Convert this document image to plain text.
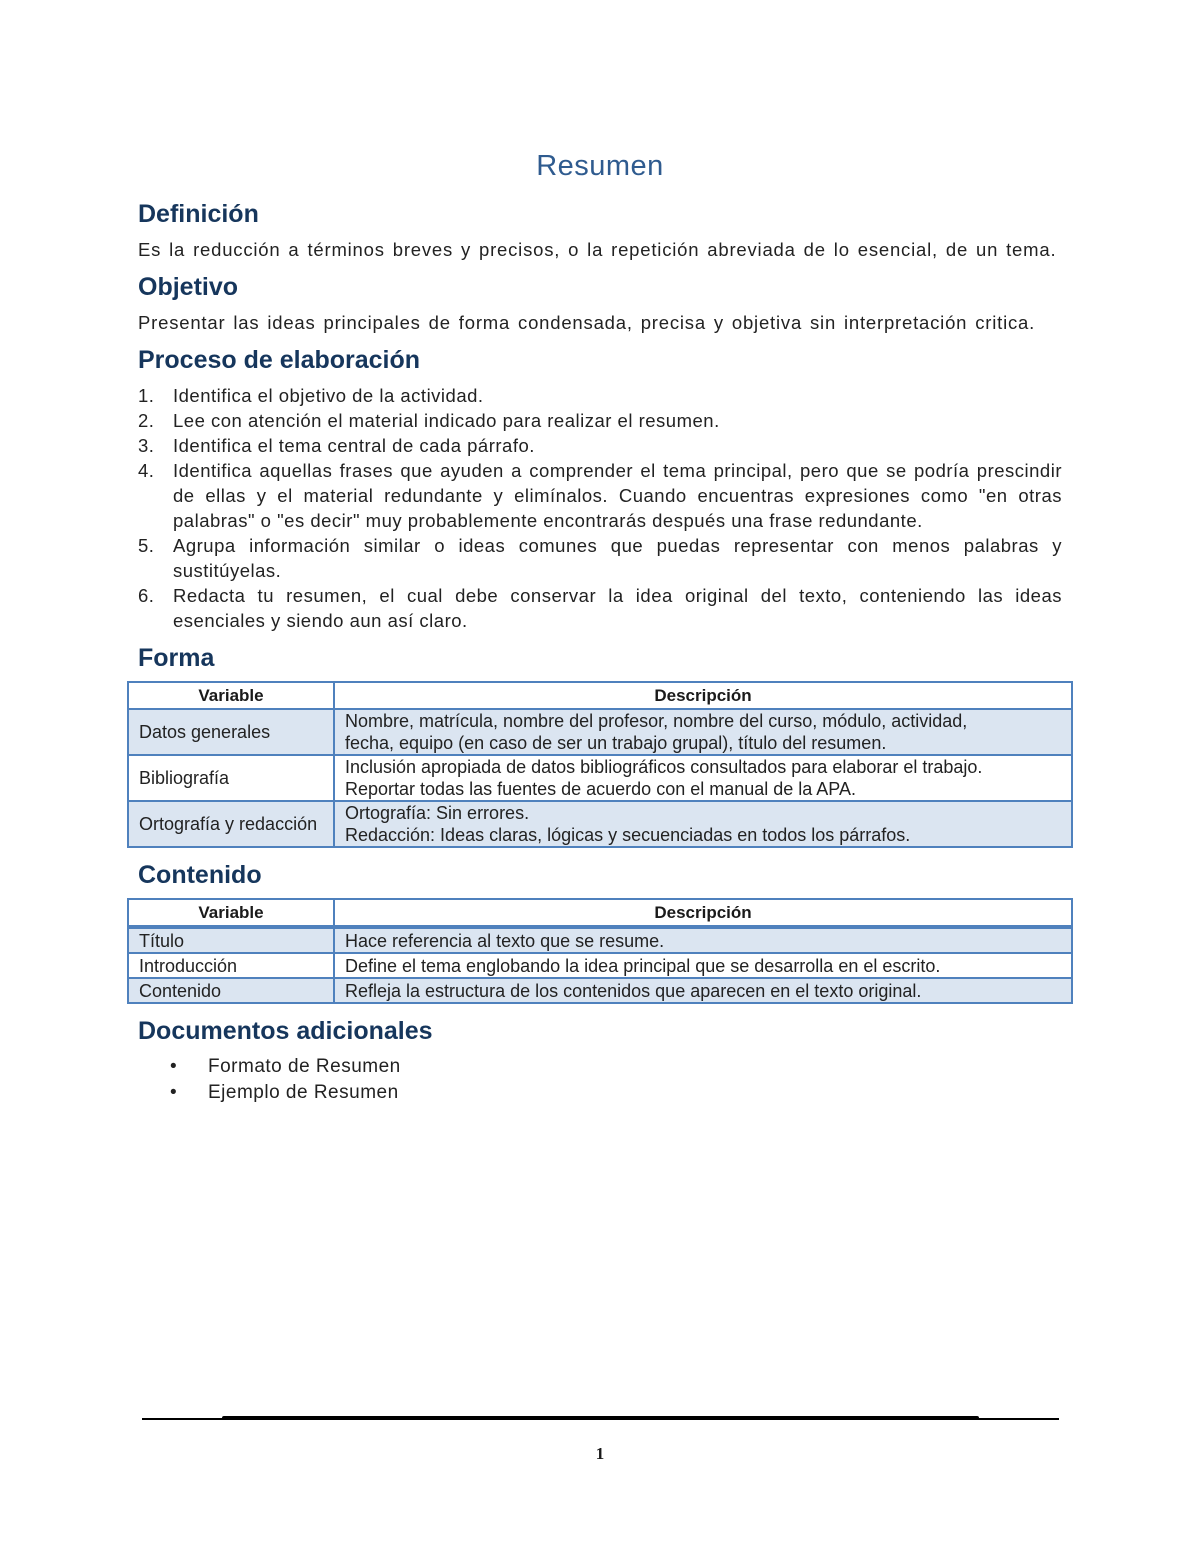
Resumen
Definición

Es la reducción a términos breves y precisos, o la repetición abreviada de lo esencial, de un tema.

Objetivo

Presentar las ideas principales de forma condensada, precisa y objetiva sin interpretación critica.

Proceso de elaboración
1. Identifica el objetivo de la actividad.
2. Lee con atención el material indicado para realizar el resumen.
3. Identifica el tema central de cada párrafo.
4. Identifica aquellas frases que ayuden a comprender el tema principal, pero que se podría prescindir de ellas y el material redundante y elimínalos. Cuando encuentras expresiones como "en otras palabras" o "es decir" muy probablemente encontrarás después una frase redundante.
5. Agrupa información similar o ideas comunes que puedas representar con menos palabras y sustitúyelas.
6. Redacta tu resumen, el cual debe conservar la idea original del texto, conteniendo las ideas esenciales y siendo aun así claro.
Forma
Variable	Descripción
Datos generales	Nombre, matrícula, nombre del profesor, nombre del curso, módulo, actividad,
fecha, equipo (en caso de ser un trabajo grupal), título del resumen.

Bibliografía	Inclusión apropiada de datos bibliográficos consultados para elaborar el trabajo.
Reportar todas las fuentes de acuerdo con el manual de la APA.

Ortografía y redacción	Ortografía: Sin errores.
Redacción: Ideas claras, lógicas y secuenciadas en todos los párrafos.
Contenido
Variable	Descripción
Título	Hace referencia al texto que se resume.
Introducción	Define el tema englobando la idea principal que se desarrolla en el escrito.
Contenido	Refleja la estructura de los contenidos que aparecen en el texto original.
Documentos adicionales
• Formato de Resumen
• Ejemplo de Resumen
1
